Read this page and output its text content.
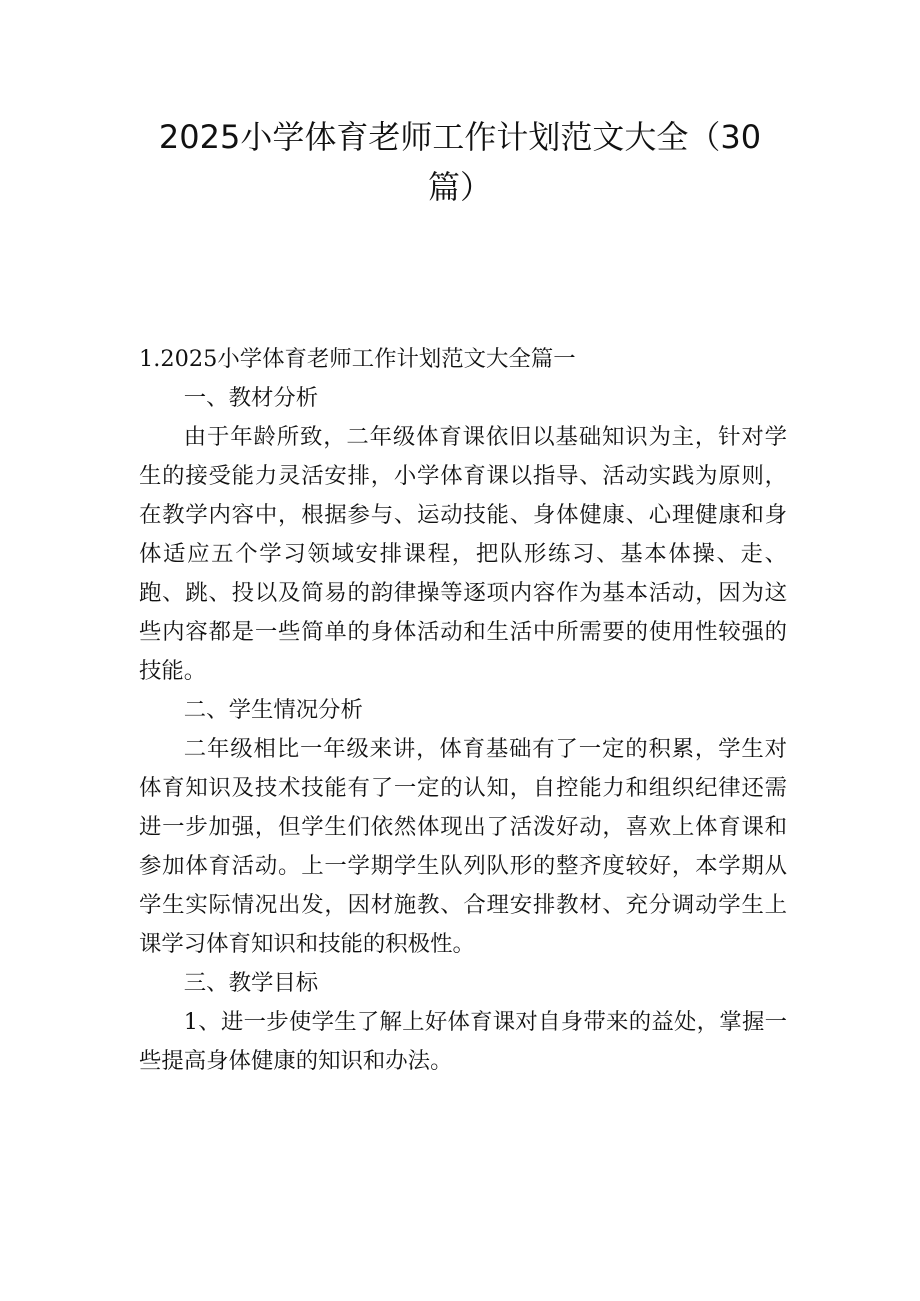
2025小学体育老师工作计划范文大全（30
篇）

1.2025小学体育老师工作计划范文大全篇一

一、教材分析

由于年龄所致，二年级体育课依旧以基础知识为主，针对学生的接受能力灵活安排，小学体育课以指导、活动实践为原则，在教学内容中，根据参与、运动技能、身体健康、心理健康和身体适应五个学习领域安排课程，把队形练习、基本体操、走、跑、跳、投以及简易的韵律操等逐项内容作为基本活动，因为这些内容都是一些简单的身体活动和生活中所需要的使用性较强的技能。

二、学生情况分析

二年级相比一年级来讲，体育基础有了一定的积累，学生对体育知识及技术技能有了一定的认知，自控能力和组织纪律还需进一步加强，但学生们依然体现出了活泼好动，喜欢上体育课和参加体育活动。上一学期学生队列队形的整齐度较好，本学期从学生实际情况出发，因材施教、合理安排教材、充分调动学生上课学习体育知识和技能的积极性。

三、教学目标

1、进一步使学生了解上好体育课对自身带来的益处，掌握一些提高身体健康的知识和办法。
